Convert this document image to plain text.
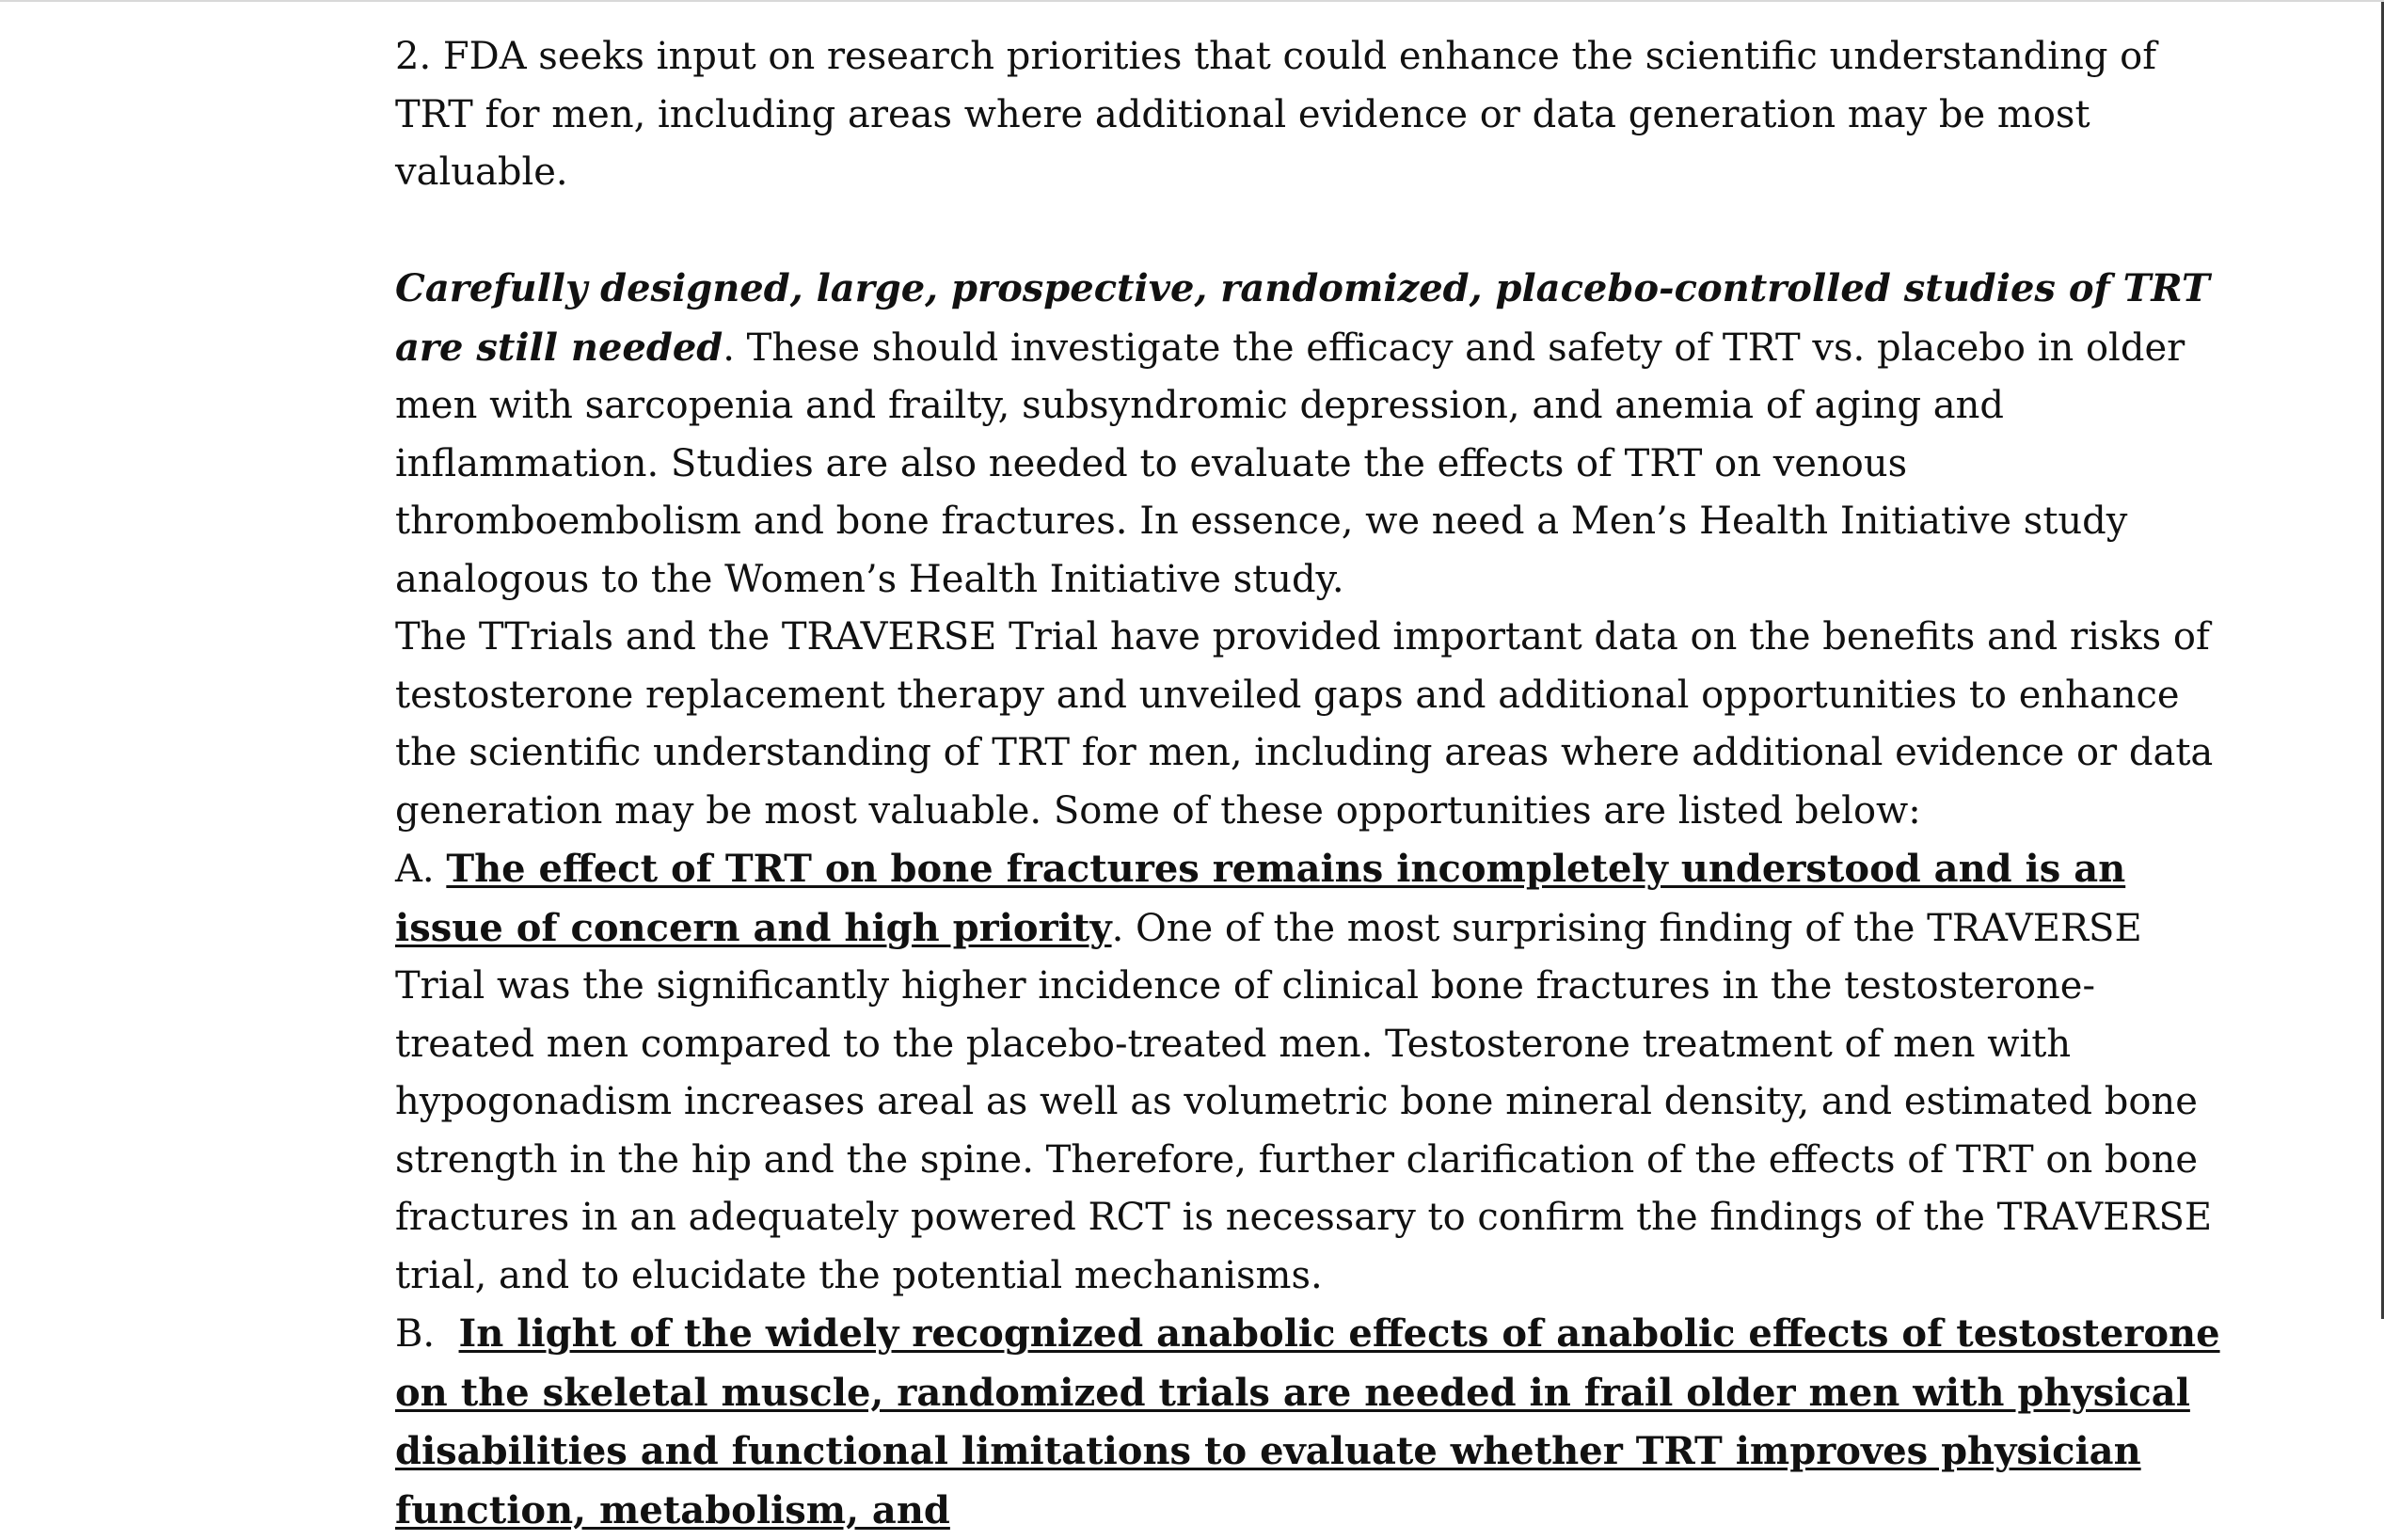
2. FDA seeks input on research priorities that could enhance the scientific understanding of TRT for men, including areas where additional evidence or data generation may be most valuable.

Carefully designed, large, prospective, randomized, placebo-controlled studies of TRT are still needed. These should investigate the efficacy and safety of TRT vs. placebo in older men with sarcopenia and frailty, subsyndromic depression, and anemia of aging and inflammation. Studies are also needed to evaluate the effects of TRT on venous thromboembolism and bone fractures. In essence, we need a Men’s Health Initiative study analogous to the Women’s Health Initiative study.

The TTrials and the TRAVERSE Trial have provided important data on the benefits and risks of testosterone replacement therapy and unveiled gaps and additional opportunities to enhance the scientific understanding of TRT for men, including areas where additional evidence or data generation may be most valuable. Some of these opportunities are listed below:

A. The effect of TRT on bone fractures remains incompletely understood and is an issue of concern and high priority. One of the most surprising finding of the TRAVERSE Trial was the significantly higher incidence of clinical bone fractures in the testosterone-treated men compared to the placebo-treated men. Testosterone treatment of men with hypogonadism increases areal as well as volumetric bone mineral density, and estimated bone strength in the hip and the spine. Therefore, further clarification of the effects of TRT on bone fractures in an adequately powered RCT is necessary to confirm the findings of the TRAVERSE trial, and to elucidate the potential mechanisms.

B.  In light of the widely recognized anabolic effects of anabolic effects of testosterone on the skeletal muscle, randomized trials are needed in frail older men with physical disabilities and functional limitations to evaluate whether TRT improves physician function, metabolism, and
